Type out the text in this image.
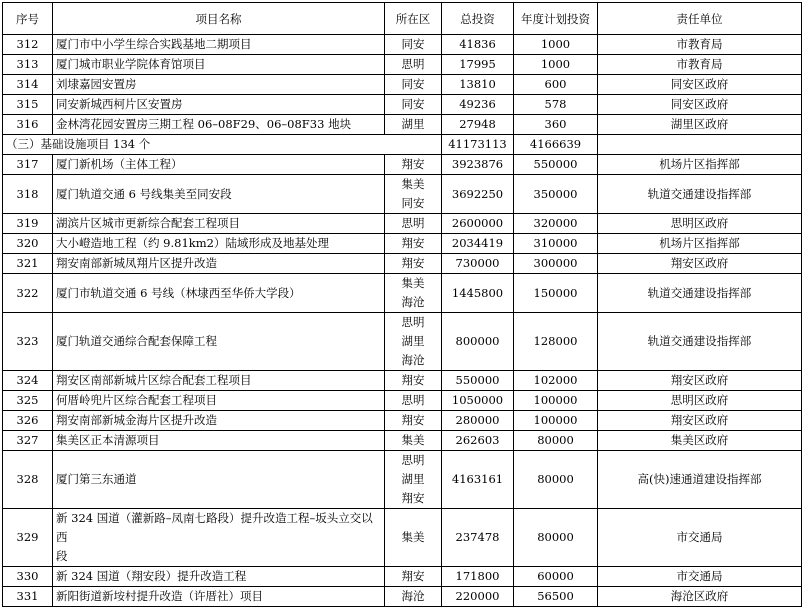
序号	项目名称	所在区	总投资	年度计划投资	责任单位
312	厦门市中小学生综合实践基地二期项目	同安	41836	1000	市教育局
313	厦门城市职业学院体育馆项目	思明	17995	1000	市教育局
314	刘埭嘉园安置房	同安	13810	600	同安区政府
315	同安新城西柯片区安置房	同安	49236	578	同安区政府
316	金林湾花园安置房三期工程 06–08F29、06–08F33 地块	湖里	27948	360	湖里区政府
（三）基础设施项目 134 个			41173113	4166639	
317	厦门新机场（主体工程）	翔安	3923876	550000	机场片区指挥部
318	厦门轨道交通 6 号线集美至同安段	集美
同安	3692250	350000	轨道交通建设指挥部
319	湖滨片区城市更新综合配套工程项目	思明	2600000	320000	思明区政府
320	大小嶝造地工程（约 9.81km2）陆域形成及地基处理	翔安	2034419	310000	机场片区指挥部
321	翔安南部新城凤翔片区提升改造	翔安	730000	300000	翔安区政府
322	厦门市轨道交通 6 号线（林埭西至华侨大学段）	集美
海沧	1445800	150000	轨道交通建设指挥部
323	厦门轨道交通综合配套保障工程	思明
湖里
海沧	800000	128000	轨道交通建设指挥部
324	翔安区南部新城片区综合配套工程项目	翔安	550000	102000	翔安区政府
325	何厝岭兜片区综合配套工程项目	思明	1050000	100000	思明区政府
326	翔安南部新城金海片区提升改造	翔安	280000	100000	翔安区政府
327	集美区正本清源项目	集美	262603	80000	集美区政府
328	厦门第三东通道	思明
湖里
翔安	4163161	80000	高(快)速通道建设指挥部
329	新 324 国道（灌新路–凤南七路段）提升改造工程–坂头立交以西
段	集美	237478	80000	市交通局
330	新 324 国道（翔安段）提升改造工程	翔安	171800	60000	市交通局
331	新阳街道新垵村提升改造（许厝社）项目	海沧	220000	56500	海沧区政府
